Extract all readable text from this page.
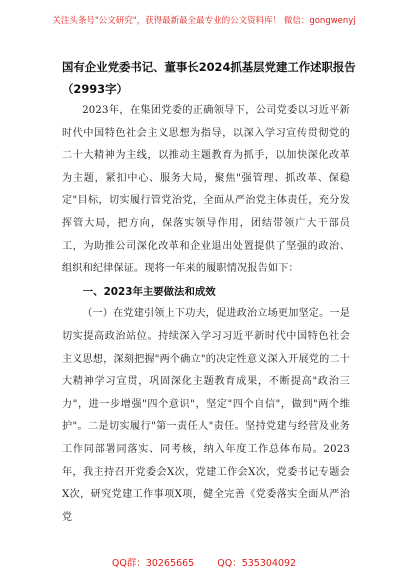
关注头条号"公文研究"，获得最新最全最专业的公文资料库！ 微信：gongwenyj

国有企业党委书记、董事长2024抓基层党建工作述职报告

（2993字）

2023年，在集团党委的正确领导下，公司党委以习近平新时代中国特色社会主义思想为指导，以深入学习宣传贯彻党的二十大精神为主线，以推动主题教育为抓手，以加快深化改革为主题，紧扣中心、服务大局，聚焦"强管理、抓改革、保稳定"目标，切实履行管党治党，全面从严治党主体责任，充分发挥管大局，把方向，保落实领导作用，团结带领广大干部员工，为助推公司深化改革和企业退出处置提供了坚强的政治、组织和纪律保证。现将一年来的履职情况报告如下：

一、2023年主要做法和成效

（一）在党建引领上下功夫，促进政治立场更加坚定。一是切实提高政治站位。持续深入学习习近平新时代中国特色社会主义思想，深刻把握"两个确立"的决定性意义深入开展党的二十大精神学习宣贯，巩固深化主题教育成果，不断提高"政治三力"，进一步增强"四个意识"，坚定"四个自信"，做到"两个维护"。二是切实履行"第一责任人"责任。坚持党建与经营及业务工作同部署同落实、同考核，纳入年度工作总体布局。2023年，我主持召开党委会X次，党建工作会X次，党委书记专题会X次，研究党建工作事项X项，健全完善《党委落实全面从严治党

QQ群：30265665 QQ：535304092
